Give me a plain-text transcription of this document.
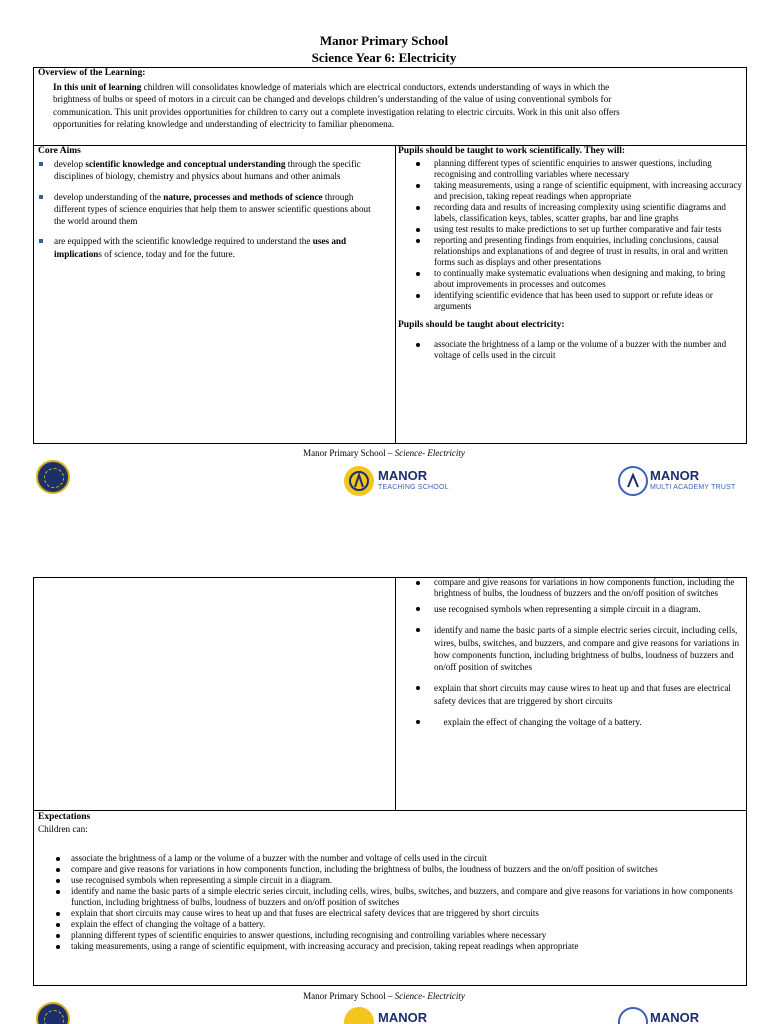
Manor Primary School
Science Year 6: Electricity
Overview of the Learning:
In this unit of learning children will consolidates knowledge of materials which are electrical conductors, extends understanding of ways in which the
brightness of bulbs or speed of motors in a circuit can be changed and develops children’s understanding of the value of using conventional symbols for
communication. This unit provides opportunities for children to carry out a complete investigation relating to electric circuits. Work in this unit also offers
opportunities for relating knowledge and understanding of electricity to familiar phenomena.
Core Aims
develop scientific knowledge and conceptual understanding through the specific disciplines of biology, chemistry and physics about humans and other animals
develop understanding of the nature, processes and methods of science through different types of science enquiries that help them to answer scientific questions about the world around them
are equipped with the scientific knowledge required to understand the uses and implications of science, today and for the future.
Pupils should be taught to work scientifically. They will:
planning different types of scientific enquiries to answer questions, including recognising and controlling variables where necessary
taking measurements, using a range of scientific equipment, with increasing accuracy and precision, taking repeat readings when appropriate
recording data and results of increasing complexity using scientific diagrams and labels, classification keys, tables, scatter graphs, bar and line graphs
using test results to make predictions to set up further comparative and fair tests
reporting and presenting findings from enquiries, including conclusions, causal relationships and explanations of and degree of trust in results, in oral and written forms such as displays and other presentations
to continually make systematic evaluations when designing and making, to bring about improvements in processes and outcomes
identifying scientific evidence that has been used to support or refute ideas or arguments
Pupils should be taught about electricity:
associate the brightness of a lamp or the volume of a buzzer with the number and voltage of cells used in the circuit
Manor Primary School – Science- Electricity
MANOR
TEACHING SCHOOL
MANOR
MULTI ACADEMY TRUST
compare and give reasons for variations in how components function, including the brightness of bulbs, the loudness of buzzers and the on/off position of switches
use recognised symbols when representing a simple circuit in a diagram.
identify and name the basic parts of a simple electric series circuit, including cells, wires, bulbs, switches, and buzzers, and compare and give reasons for variations in how components function, including brightness of bulbs, loudness of buzzers and on/off position of switches
explain that short circuits may cause wires to heat up and that fuses are electrical safety devices that are triggered by short circuits
explain the effect of changing the voltage of a battery.
Expectations
Children can:
associate the brightness of a lamp or the volume of a buzzer with the number and voltage of cells used in the circuit
compare and give reasons for variations in how components function, including the brightness of bulbs, the loudness of buzzers and the on/off position of switches
use recognised symbols when representing a simple circuit in a diagram.
identify and name the basic parts of a simple electric series circuit, including cells, wires, bulbs, switches, and buzzers, and compare and give reasons for variations in how components function, including brightness of bulbs, loudness of buzzers and on/off position of switches
explain that short circuits may cause wires to heat up and that fuses are electrical safety devices that are triggered by short circuits
explain the effect of changing the voltage of a battery.
planning different types of scientific enquiries to answer questions, including recognising and controlling variables where necessary
taking measurements, using a range of scientific equipment, with increasing accuracy and precision, taking repeat readings when appropriate
Manor Primary School – Science- Electricity
MANOR	MANOR
